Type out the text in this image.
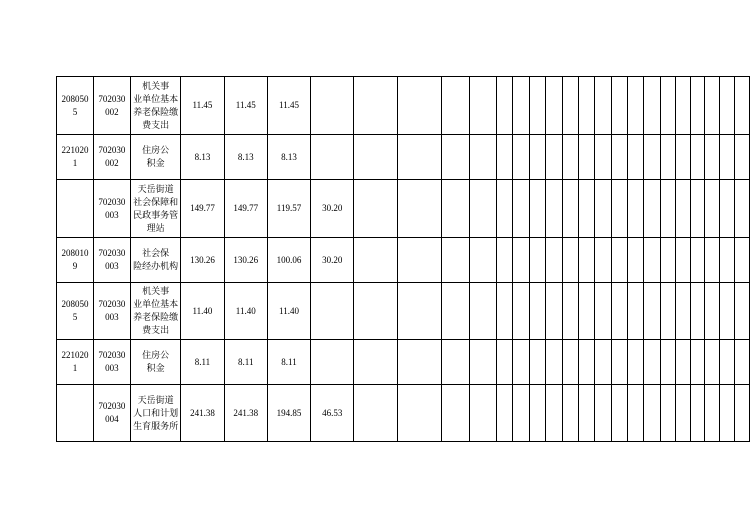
208050
5	702030
002	机关事
业单位基本
养老保险缴
费支出	11.45	11.45	11.45																					

221020
1	702030
002	住房公
积金	8.13	8.13	8.13																					

	702030
003	天岳街道
社会保障和
民政事务管
理站	149.77	149.77	119.57	30.20																				

208010
9	702030
003	社会保
险经办机构	130.26	130.26	100.06	30.20																				

208050
5	702030
003	机关事
业单位基本
养老保险缴
费支出	11.40	11.40	11.40																					

221020
1	702030
003	住房公
积金	8.11	8.11	8.11																					

	702030
004	天岳街道
人口和计划
生育服务所	241.38	241.38	194.85	46.53																				
